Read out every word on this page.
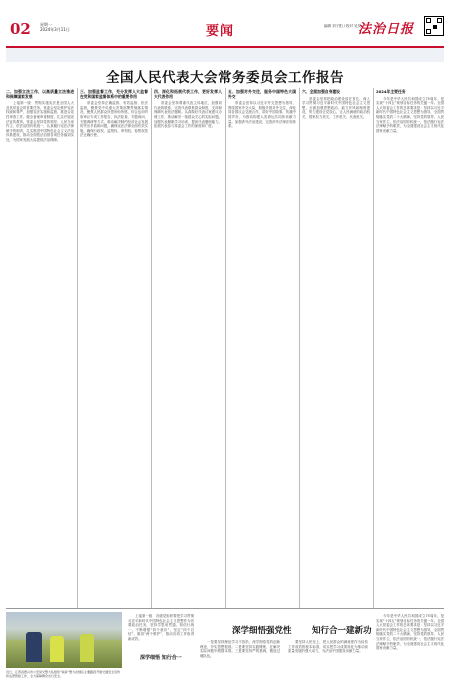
02 星期一
2024年3月11日	要闻	编辑 刘子阳 / 校对 吴昊
法治日报
全国人民代表大会常务委员会工作报告
二、加强立法工作，以高质量立法推进和保障国家发展

上接第一版　贯彻实施宪法是全国人大及其常委会的首要任务，常委会坚定维护宪法权威和尊严，加强宪法实施和监督，推进合宪性审查工作，健全备案审查制度，扎实开展宪法宣传教育。常委会坚持党的领导、人民当家作主、依法治国有机统一，认真履行宪法法律赋予的职责，扎实推进中国特色社会主义法治体系建设，推动全面依法治国各项任务落到实处，为国家发展大局提供法治保障。

三、加强监督工作，充分发挥人大监督在党和国家监督体系中的重要作用

常委会坚持正确监督、有效监督、依法监督，聚焦党中央重大决策部署贯彻落实情况，聚焦人民群众所思所盼所愿，综合运用听取审议专项工作报告、执法检查、专题询问、专题调研等方式，推动解决制约经济社会发展的突出矛盾和问题，确保宪法法律全面有效实施，确保行政权、监察权、审判权、检察权依法正确行使。

四、深化和拓展代表工作，更好发挥人大代表作用

常委会坚持尊重代表主体地位，加强同代表的联系，完善代表联系群众制度，支持和保障代表依法履职。认真做好代表议案建议办理工作，推动解决一批群众关心的实际问题。加强代表履职学习培训，提高代表履职能力。拓展代表参与常委会工作的深度和广度。

五、加强对外交往，服务中国特色大国外交

常委会坚持以习近平外交思想为指导，围绕国家外交大局，积极开展对外交往，深化同各国议会交流合作，讲好中国故事，传播中国声音，为推动构建人类命运共同体贡献力量。加强涉外法治建设，完善涉外法律法规体系。

六、全面加强自身建设

常委会坚持把政治建设放在首位，深入学习贯彻习近平新时代中国特色社会主义思想，全面加强思想政治、能力作风和制度建设，努力建设让党放心、让人民满意的政治机关、国家权力机关、工作机关、代表机关。

2024年主要任务

今年是中华人民共和国成立75周年，是实现“十四五”规划目标任务的关键一年。全国人大常委会工作的总体要求是：坚持以习近平新时代中国特色社会主义思想为指导，全面贯彻落实党的二十大精神，坚持党的领导、人民当家作主、依法治国有机统一，依法履行宪法法律赋予的职责，为全面建设社会主义现代化国家贡献力量。

近日，江西省德兴市公安局交警大队组织“铁骑”警力在辖区主要路段开展交通安全宣传和巡逻管控工作，全力保障群众出行安全。

上接第一版　各级党组织要把学习贯彻习近平新时代中国特色社会主义思想作为首要政治任务，坚持学思用贯通、知信行统一，不断增强“四个意识”、坚定“四个自信”、做到“两个维护”，推动各项工作取得新成效。

深学细悟 知行合一
深学细悟强党性 知行合一建新功

一是要坚持理论学习不放松，深学细悟党的创新理论，夯实思想根基。二是要坚持实践锤炼，在解决实际问题中增强本领。三是要坚持严的基调，锻造过硬队伍。

要坚持人民至上，把人民群众的满意度作为检验工作成效的根本标准，切实把学习成果转化为推动高质量发展的强大动力，为法治中国建设贡献力量。

今年是中华人民共和国成立75周年，是实现“十四五”规划目标任务的关键一年。全国人大常委会工作的总体要求是：坚持以习近平新时代中国特色社会主义思想为指导，全面贯彻落实党的二十大精神，坚持党的领导、人民当家作主、依法治国有机统一，依法履行宪法法律赋予的职责，为全面建设社会主义现代化国家贡献力量。
